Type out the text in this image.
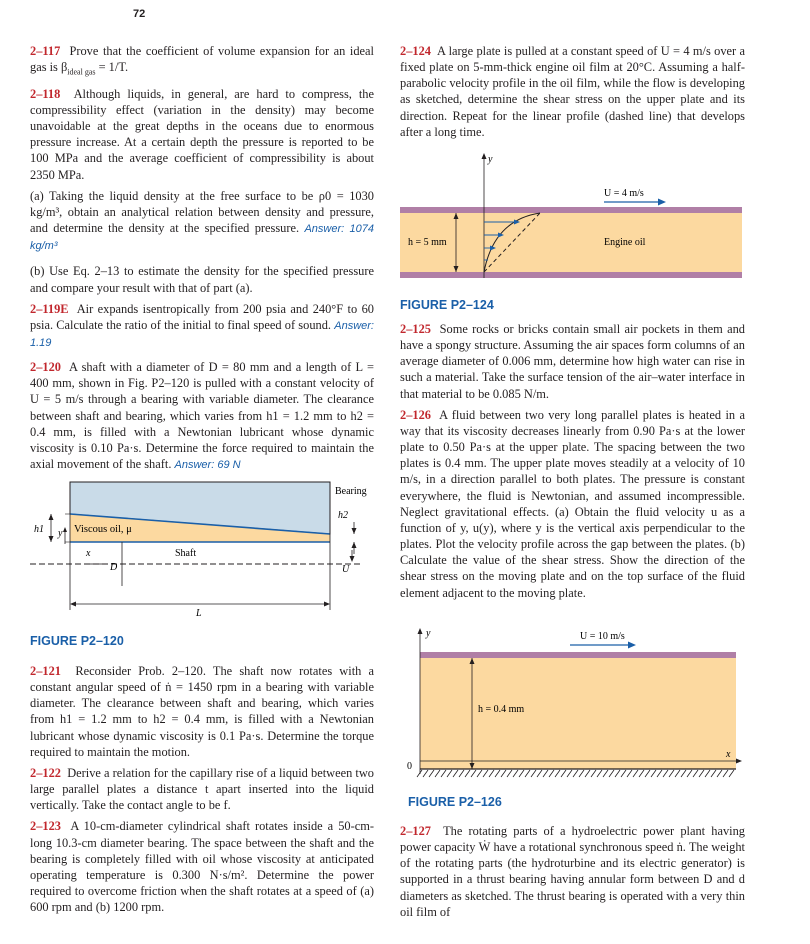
72

2–117 Prove that the coefficient of volume expansion for an ideal gas is $\beta_{ideal gas} = 1/T$.

2–118 Although liquids, in general, are hard to compress, the compressibility effect (variation in the density) may become unavoidable at the great depths in the oceans due to enormous pressure increase. At a certain depth the pressure is reported to be 100 MPa and the average coefficient of compressibility is about 2350 MPa.

(a) Taking the liquid density at the free surface to be ρ0 = 1030 kg/m³, obtain an analytical relation between density and pressure, and determine the density at the specified pressure. Answer: 1074 kg/m³

(b) Use Eq. 2–13 to estimate the density for the specified pressure and compare your result with that of part (a).

2–119E Air expands isentropically from 200 psia and 240°F to 60 psia. Calculate the ratio of the initial to final speed of sound. Answer: 1.19

2–120 A shaft with a diameter of D = 80 mm and a length of L = 400 mm, shown in Fig. P2–120 is pulled with a constant velocity of U = 5 m/s through a bearing with variable diameter. The clearance between shaft and bearing, which varies from h1 = 1.2 mm to h2 = 0.4 mm, is filled with a Newtonian lubricant whose dynamic viscosity is 0.10 Pa·s. Determine the force required to maintain the axial movement of the shaft. Answer: 69 N

Bearing
Viscous oil, μ
Shaft
h1
h2
y
x
D	U
L
FIGURE P2–120

2–121 Reconsider Prob. 2–120. The shaft now rotates with a constant angular speed of ṅ = 1450 rpm in a bearing with variable diameter. The clearance between shaft and bearing, which varies from h1 = 1.2 mm to h2 = 0.4 mm, is filled with a Newtonian lubricant whose dynamic viscosity is 0.1 Pa·s. Determine the torque required to maintain the motion.

2–122 Derive a relation for the capillary rise of a liquid between two large parallel plates a distance t apart inserted into the liquid vertically. Take the contact angle to be f.

2–123 A 10-cm-diameter cylindrical shaft rotates inside a 50-cm-long 10.3-cm diameter bearing. The space between the shaft and the bearing is completely filled with oil whose viscosity at anticipated operating temperature is 0.300 N·s/m². Determine the power required to overcome friction when the shaft rotates at a speed of (a) 600 rpm and (b) 1200 rpm.

2–124 A large plate is pulled at a constant speed of U = 4 m/s over a fixed plate on 5-mm-thick engine oil film at 20°C. Assuming a half-parabolic velocity profile in the oil film, while the flow is developing as sketched, determine the shear stress on the upper plate and its direction. Repeat for the linear profile (dashed line) that develops after a long time.

y
U = 4 m/s
h = 5 mm	Engine oil
FIGURE P2–124

2–125 Some rocks or bricks contain small air pockets in them and have a spongy structure. Assuming the air spaces form columns of an average diameter of 0.006 mm, determine how high water can rise in such a material. Take the surface tension of the air–water interface in that material to be 0.085 N/m.

2–126 A fluid between two very long parallel plates is heated in a way that its viscosity decreases linearly from 0.90 Pa·s at the lower plate to 0.50 Pa·s at the upper plate. The spacing between the two plates is 0.4 mm. The upper plate moves steadily at a velocity of 10 m/s, in a direction parallel to both plates. The pressure is constant everywhere, the fluid is Newtonian, and assumed incompressible. Neglect gravitational effects. (a) Obtain the fluid velocity u as a function of y, u(y), where y is the vertical axis perpendicular to the plates. Plot the velocity profile across the gap between the plates. (b) Calculate the value of the shear stress. Show the direction of the shear stress on the moving plate and on the top surface of the fluid element adjacent to the moving plate.

y	U = 10 m/s
h = 0.4 mm
0
x
FIGURE P2–126

2–127 The rotating parts of a hydroelectric power plant having power capacity Ẇ have a rotational synchronous speed ṅ. The weight of the rotating parts (the hydroturbine and its electric generator) is supported in a thrust bearing having annular form between D and d diameters as sketched. The thrust bearing is operated with a very thin oil film of
